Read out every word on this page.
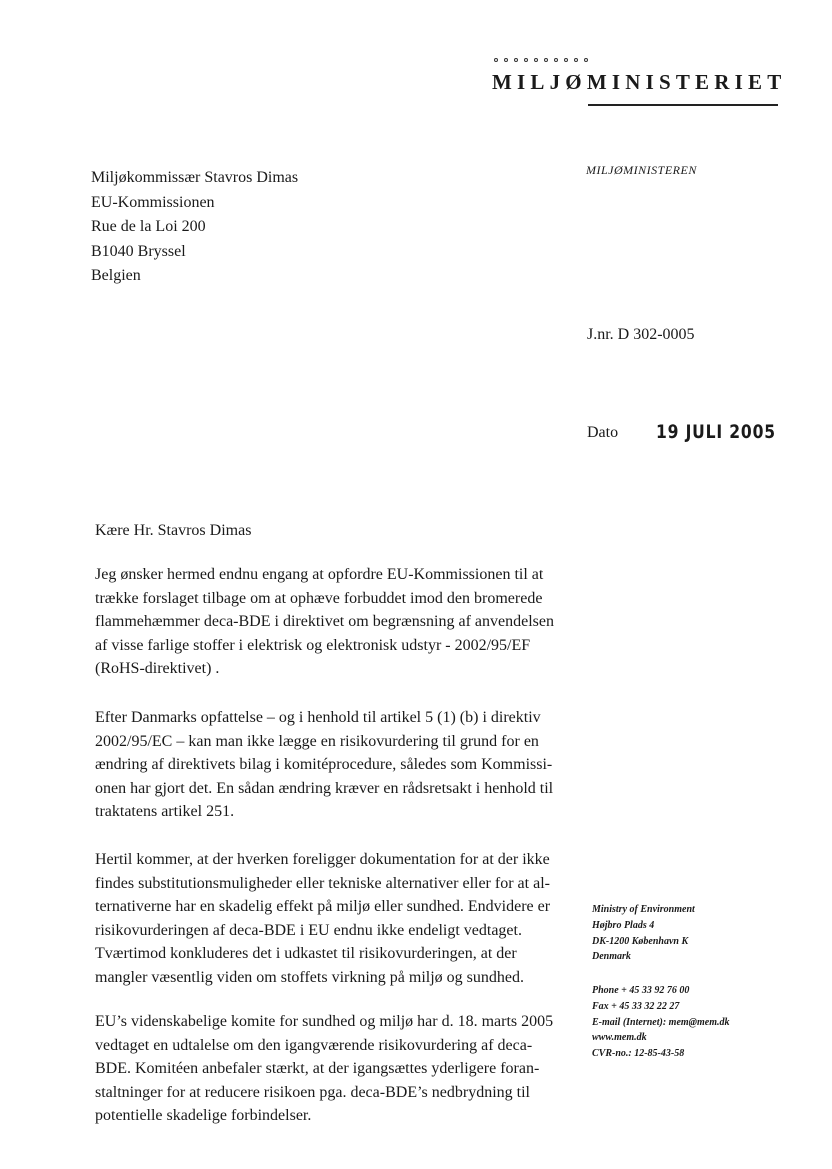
MILJØMINISTERIET
MILJØMINISTEREN
Miljøkommissær Stavros Dimas
EU-Kommissionen
Rue de la Loi 200
B1040 Bryssel
Belgien
J.nr. D 302-0005
Dato 19 JULI 2005
Kære Hr. Stavros Dimas
Jeg ønsker hermed endnu engang at opfordre EU-Kommissionen til at
trække forslaget tilbage om at ophæve forbuddet imod den bromerede
flammehæmmer deca-BDE i direktivet om begrænsning af anvendelsen
af visse farlige stoffer i elektrisk og elektronisk udstyr - 2002/95/EF
(RoHS-direktivet) .
Efter Danmarks opfattelse – og i henhold til artikel 5 (1) (b) i direktiv
2002/95/EC – kan man ikke lægge en risikovurdering til grund for en
ændring af direktivets bilag i komitéprocedure, således som Kommissi-
onen har gjort det. En sådan ændring kræver en rådsretsakt i henhold til
traktatens artikel 251.
Hertil kommer, at der hverken foreligger dokumentation for at der ikke
findes substitutionsmuligheder eller tekniske alternativer eller for at al-
ternativerne har en skadelig effekt på miljø eller sundhed. Endvidere er
risikovurderingen af deca-BDE i EU endnu ikke endeligt vedtaget.
Tværtimod konkluderes det i udkastet til risikovurderingen, at der
mangler væsentlig viden om stoffets virkning på miljø og sundhed.
EU’s videnskabelige komite for sundhed og miljø har d. 18. marts 2005
vedtaget en udtalelse om den igangværende risikovurdering af deca-
BDE. Komitéen anbefaler stærkt, at der igangsættes yderligere foran-
staltninger for at reducere risikoen pga. deca-BDE’s nedbrydning til
potentielle skadelige forbindelser.
Ministry of Environment
Højbro Plads 4
DK-1200 København K
Denmark
Phone + 45 33 92 76 00
Fax + 45 33 32 22 27
E-mail (Internet): mem@mem.dk
www.mem.dk
CVR-no.: 12-85-43-58
